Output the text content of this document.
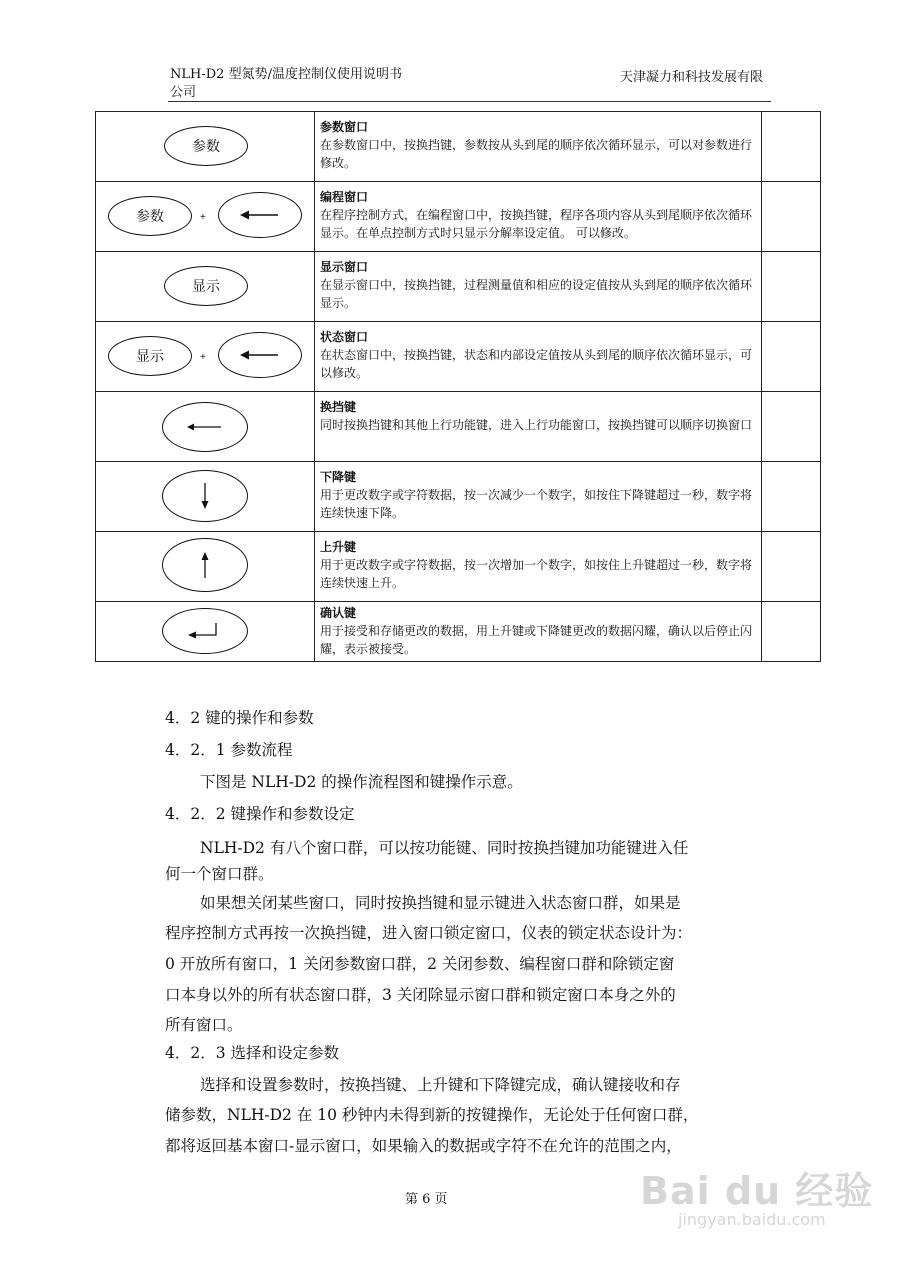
NLH-D2 型氮势/温度控制仪使用说明书
公司
天津凝力和科技发展有限
参数	参数窗口
在参数窗口中，按换挡键，参数按从头到尾的顺序依次循环显示，可以对参数进行修改。	

参数 +	编程窗口
在程序控制方式，在编程窗口中，按换挡键，程序各项内容从头到尾顺序依次循环显示。在单点控制方式时只显示分解率设定值。 可以修改。	

显示	显示窗口
在显示窗口中，按换挡键，过程测量值和相应的设定值按从头到尾的顺序依次循环显示。	

显示 +	状态窗口
在状态窗口中，按换挡键，状态和内部设定值按从头到尾的顺序依次循环显示，可以修改。	

换挡键
同时按换挡键和其他上行功能键，进入上行功能窗口，按换挡键可以顺序切换窗口	

下降键
用于更改数字或字符数据，按一次减少一个数字，如按住下降键超过一秒，数字将连续快速下降。	

上升键
用于更改数字或字符数据，按一次增加一个数字，如按住上升键超过一秒，数字将连续快速上升。	

确认键
用于接受和存储更改的数据，用上升键或下降键更改的数据闪耀，确认以后停止闪耀，表示被接受。	
4．2 键的操作和参数
4．2．1 参数流程
下图是 NLH-D2 的操作流程图和键操作示意。
4．2．2 键操作和参数设定
NLH-D2 有八个窗口群，可以按功能键、同时按换挡键加功能键进入任
何一个窗口群。
如果想关闭某些窗口，同时按换挡键和显示键进入状态窗口群，如果是
程序控制方式再按一次换挡键，进入窗口锁定窗口，仪表的锁定状态设计为：
0 开放所有窗口，1 关闭参数窗口群，2 关闭参数、编程窗口群和除锁定窗
口本身以外的所有状态窗口群，3 关闭除显示窗口群和锁定窗口本身之外的
所有窗口。
4．2．3 选择和设定参数
选择和设置参数时，按换挡键、上升键和下降键完成，确认键接收和存
储参数，NLH-D2 在 10 秒钟内未得到新的按键操作，无论处于任何窗口群，
都将返回基本窗口-显示窗口，如果输入的数据或字符不在允许的范围之内，
第 6 页	Bai du 经验
jingyan.baidu.com
